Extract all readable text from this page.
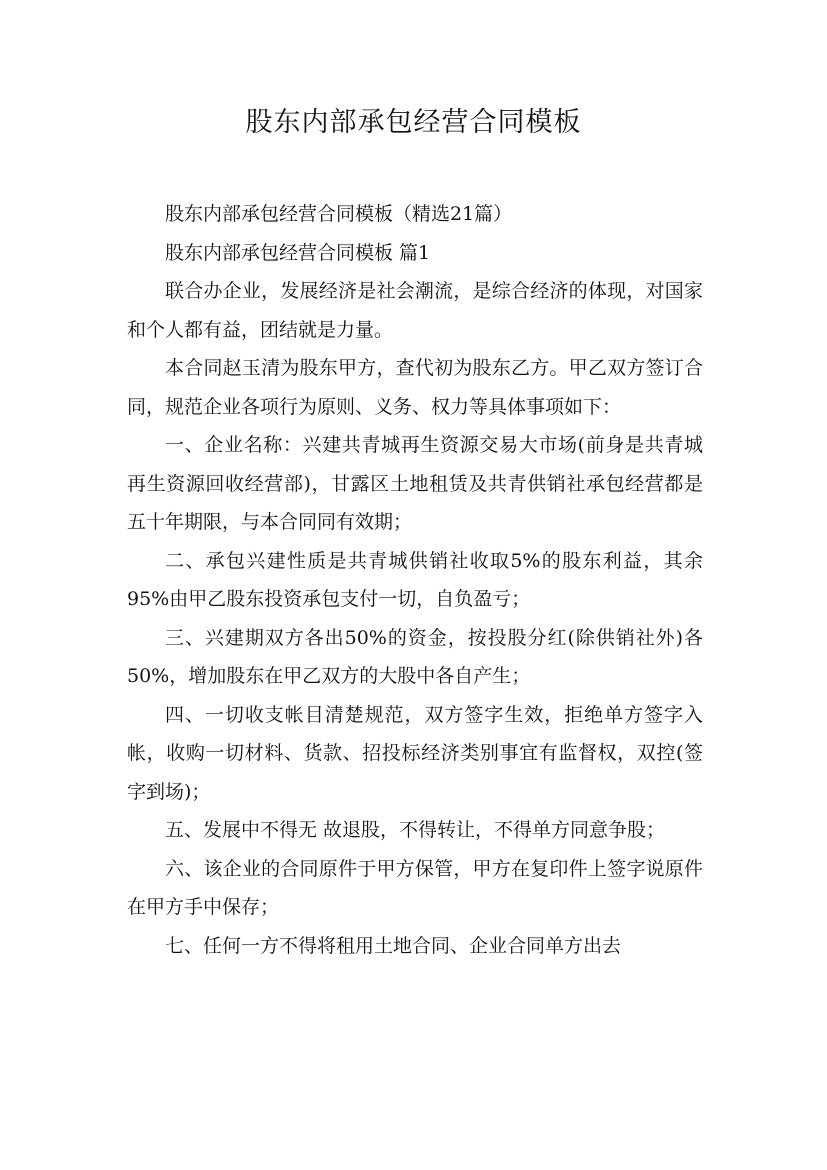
股东内部承包经营合同模板

股东内部承包经营合同模板（精选21篇）

股东内部承包经营合同模板 篇1

联合办企业，发展经济是社会潮流，是综合经济的体现，对国家和个人都有益，团结就是力量。

本合同赵玉清为股东甲方，查代初为股东乙方。甲乙双方签订合同，规范企业各项行为原则、义务、权力等具体事项如下：

一、企业名称：兴建共青城再生资源交易大市场(前身是共青城再生资源回收经营部)，甘露区土地租赁及共青供销社承包经营都是五十年期限，与本合同同有效期；

二、承包兴建性质是共青城供销社收取5%的股东利益，其余95%由甲乙股东投资承包支付一切，自负盈亏；

三、兴建期双方各出50%的资金，按投股分红(除供销社外)各50%，增加股东在甲乙双方的大股中各自产生；

四、一切收支帐目清楚规范，双方签字生效，拒绝单方签字入帐，收购一切材料、货款、招投标经济类别事宜有监督权，双控(签字到场)；

五、发展中不得无 故退股，不得转让，不得单方同意争股；

六、该企业的合同原件于甲方保管，甲方在复印件上签字说原件在甲方手中保存；

七、任何一方不得将租用土地合同、企业合同单方出去
